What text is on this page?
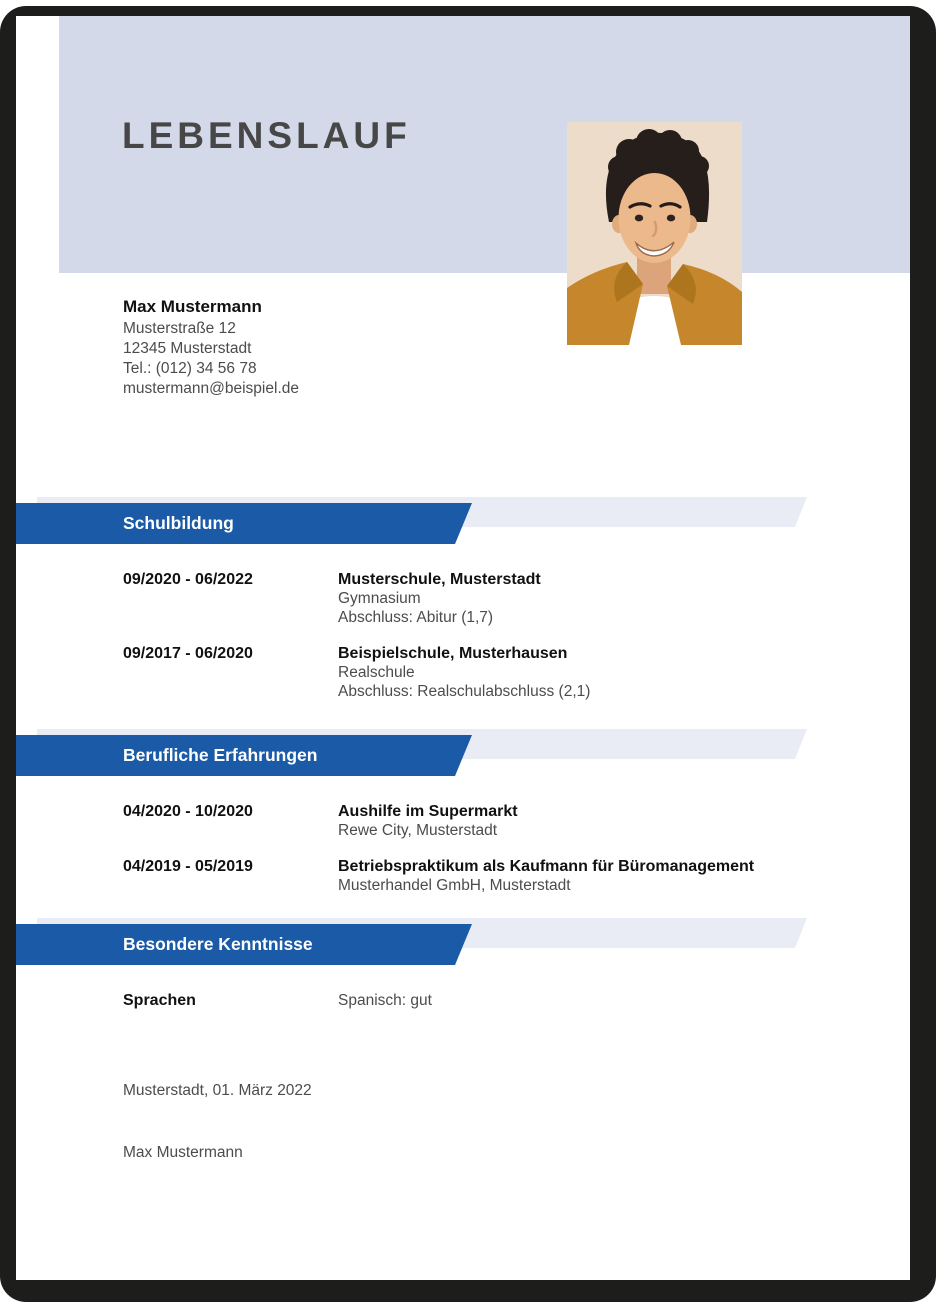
LEBENSLAUF
Max Mustermann
Musterstraße 12
12345 Musterstadt
Tel.: (012) 34 56 78
mustermann@beispiel.de
Schulbildung
09/2020 - 06/2022	Musterschule, Musterstadt
Gymnasium
Abschluss: Abitur (1,7)
09/2017 - 06/2020	Beispielschule, Musterhausen
Realschule
Abschluss: Realschulabschluss (2,1)
Berufliche Erfahrungen
04/2020 - 10/2020	Aushilfe im Supermarkt
Rewe City, Musterstadt
04/2019 - 05/2019	Betriebspraktikum als Kaufmann für Büromanagement
Musterhandel GmbH, Musterstadt
Besondere Kenntnisse
Sprachen	Spanisch: gut
Musterstadt, 01. März 2022
Max Mustermann
